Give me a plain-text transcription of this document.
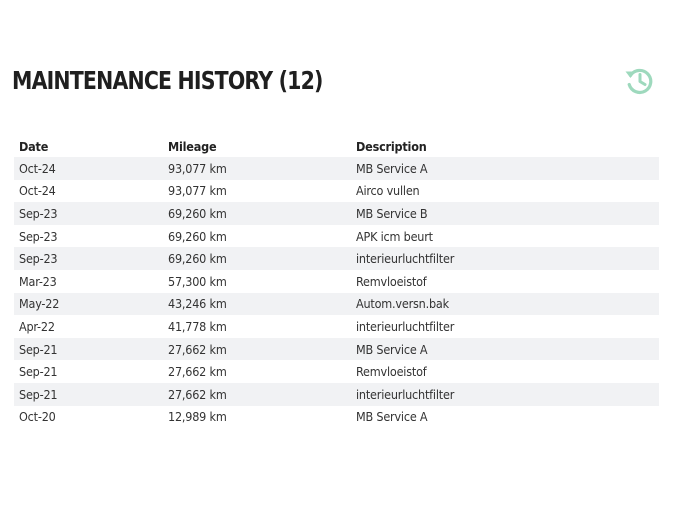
MAINTENANCE HISTORY (12)
Date	Mileage	Description
Oct-24	93,077 km	MB Service A
Oct-24	93,077 km	Airco vullen
Sep-23	69,260 km	MB Service B
Sep-23	69,260 km	APK icm beurt
Sep-23	69,260 km	interieurluchtfilter
Mar-23	57,300 km	Remvloeistof
May-22	43,246 km	Autom.versn.bak
Apr-22	41,778 km	interieurluchtfilter
Sep-21	27,662 km	MB Service A
Sep-21	27,662 km	Remvloeistof
Sep-21	27,662 km	interieurluchtfilter
Oct-20	12,989 km	MB Service A
